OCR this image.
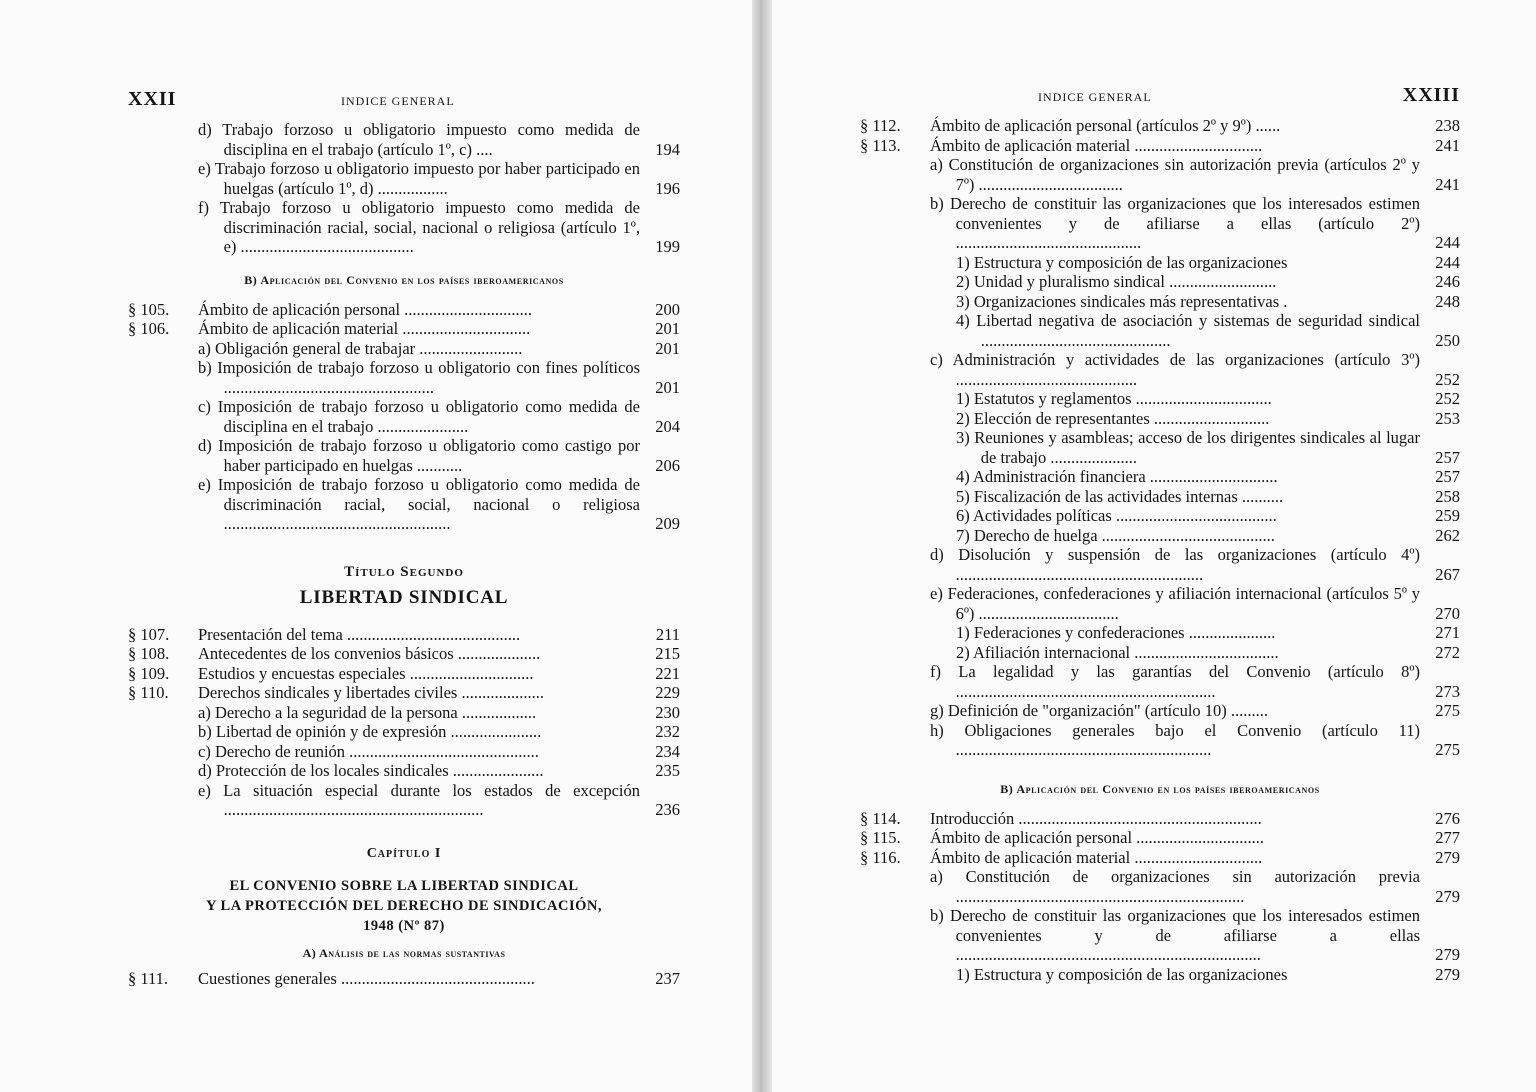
XXII	INDICE GENERAL
d) Trabajo forzoso u obligatorio impuesto como medida de disciplina en el trabajo (artículo 1º, c) ....	194
e) Trabajo forzoso u obligatorio impuesto por haber participado en huelgas (artículo 1º, d) .................	196
f) Trabajo forzoso u obligatorio impuesto como medida de discriminación racial, social, nacional o religiosa (artículo 1º, e) ..........................................	199
B) Aplicación del Convenio en los países iberoamericanos
§ 105.	Ámbito de aplicación personal ...............................	200
§ 106.	Ámbito de aplicación material ...............................	201
a) Obligación general de trabajar .........................	201
b) Imposición de trabajo forzoso u obligatorio con fines políticos ...................................................	201
c) Imposición de trabajo forzoso u obligatorio como medida de disciplina en el trabajo ......................	204
d) Imposición de trabajo forzoso u obligatorio como castigo por haber participado en huelgas ...........	206
e) Imposición de trabajo forzoso u obligatorio como medida de discriminación racial, social, nacional o religiosa .......................................................	209
Título Segundo
LIBERTAD SINDICAL
§ 107.	Presentación del tema ..........................................	211
§ 108.	Antecedentes de los convenios básicos ....................	215
§ 109.	Estudios y encuestas especiales ..............................	221
§ 110.	Derechos sindicales y libertades civiles ....................	229
a) Derecho a la seguridad de la persona ..................	230
b) Libertad de opinión y de expresión ......................	232
c) Derecho de reunión ..............................................	234
d) Protección de los locales sindicales ......................	235
e) La situación especial durante los estados de excepción ...............................................................	236
Capítulo I
EL CONVENIO SOBRE LA LIBERTAD SINDICAL
Y LA PROTECCIÓN DEL DERECHO DE SINDICACIÓN,
1948 (Nº 87)
A) Análisis de las normas sustantivas
§ 111.	Cuestiones generales ...............................................	237
INDICE GENERAL	XXIII
§ 112.	Ámbito de aplicación personal (artículos 2º y 9º) ......	238
§ 113.	Ámbito de aplicación material ...............................	241
a) Constitución de organizaciones sin autorización previa (artículos 2º y 7º) ...................................	241
b) Derecho de constituir las organizaciones que los interesados estimen convenientes y de afiliarse a ellas (artículo 2º) .............................................	244
1) Estructura y composición de las organizaciones	244
2) Unidad y pluralismo sindical ..........................	246
3) Organizaciones sindicales más representativas .	248
4) Libertad negativa de asociación y sistemas de seguridad sindical ..............................................	250
c) Administración y actividades de las organizaciones (artículo 3º) ............................................	252
1) Estatutos y reglamentos .................................	252
2) Elección de representantes ............................	253
3) Reuniones y asambleas; acceso de los dirigentes sindicales al lugar de trabajo .....................	257
4) Administración financiera ...............................	257
5) Fiscalización de las actividades internas ..........	258
6) Actividades políticas .......................................	259
7) Derecho de huelga ..........................................	262
d) Disolución y suspensión de las organizaciones (artículo 4º) ............................................................	267
e) Federaciones, confederaciones y afiliación internacional (artículos 5º y 6º) ..................................	270
1) Federaciones y confederaciones .....................	271
2) Afiliación internacional ...................................	272
f) La legalidad y las garantías del Convenio (artículo 8º) ...............................................................	273
g) Definición de "organización" (artículo 10) .........	275
h) Obligaciones generales bajo el Convenio (artículo 11) ..............................................................	275
B) Aplicación del Convenio en los países iberoamericanos
§ 114.	Introducción ...........................................................	276
§ 115.	Ámbito de aplicación personal ...............................	277
§ 116.	Ámbito de aplicación material ...............................	279
a) Constitución de organizaciones sin autorización previa ......................................................................	279
b) Derecho de constituir las organizaciones que los interesados estimen convenientes y de afiliarse a ellas ..........................................................................	279
1) Estructura y composición de las organizaciones	279
